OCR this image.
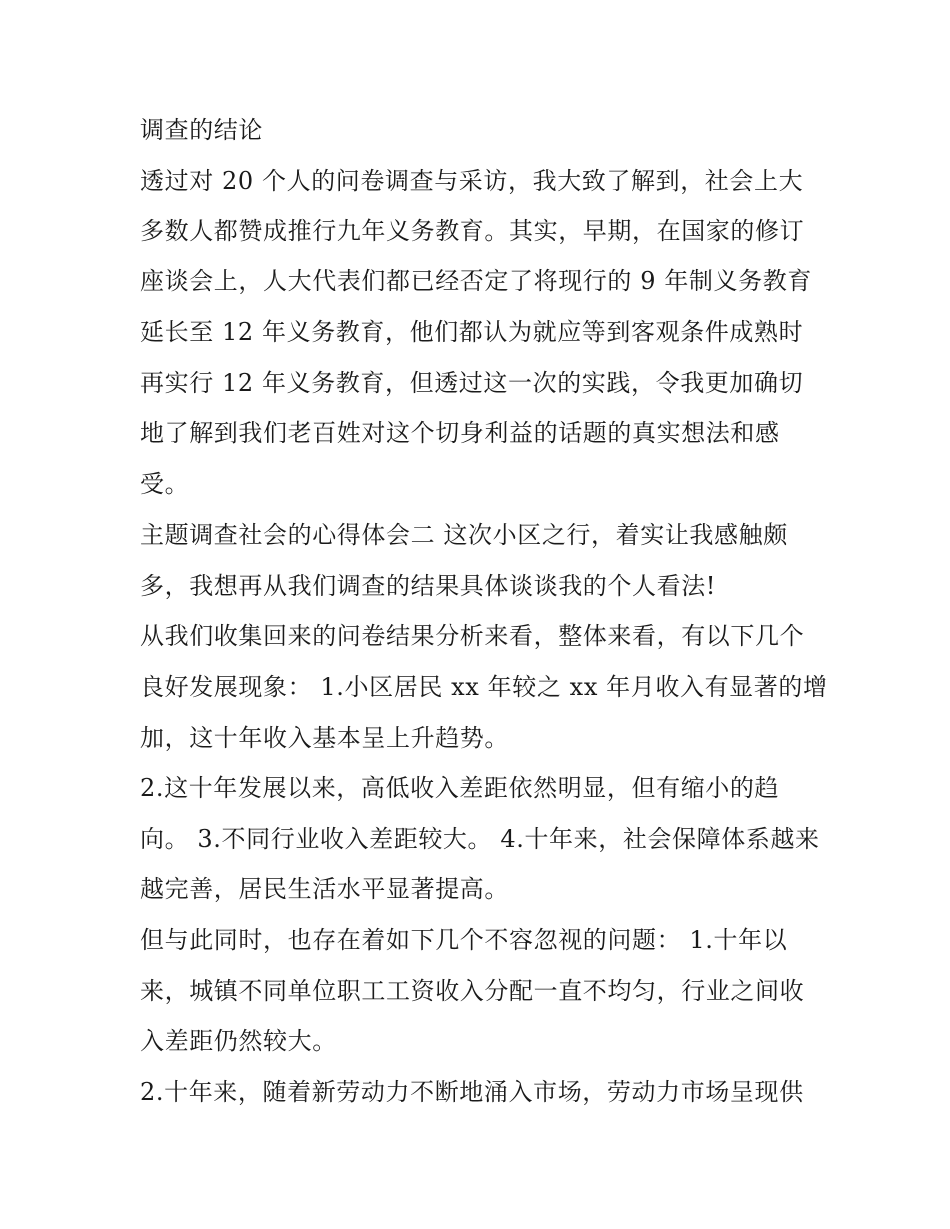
调查的结论
透过对 20 个人的问卷调查与采访，我大致了解到，社会上大
多数人都赞成推行九年义务教育。其实，早期，在国家的修订
座谈会上，人大代表们都已经否定了将现行的 9 年制义务教育
延长至 12 年义务教育，他们都认为就应等到客观条件成熟时
再实行 12 年义务教育，但透过这一次的实践，令我更加确切
地了解到我们老百姓对这个切身利益的话题的真实想法和感
受。
主题调查社会的心得体会二 这次小区之行，着实让我感触颇
多，我想再从我们调查的结果具体谈谈我的个人看法!
从我们收集回来的问卷结果分析来看，整体来看，有以下几个
良好发展现象： 1.小区居民 xx 年较之 xx 年月收入有显著的增
加，这十年收入基本呈上升趋势。
2.这十年发展以来，高低收入差距依然明显，但有缩小的趋
向。 3.不同行业收入差距较大。 4.十年来，社会保障体系越来
越完善，居民生活水平显著提高。
但与此同时，也存在着如下几个不容忽视的问题： 1.十年以
来，城镇不同单位职工工资收入分配一直不均匀，行业之间收
入差距仍然较大。
2.十年来，随着新劳动力不断地涌入市场，劳动力市场呈现供
